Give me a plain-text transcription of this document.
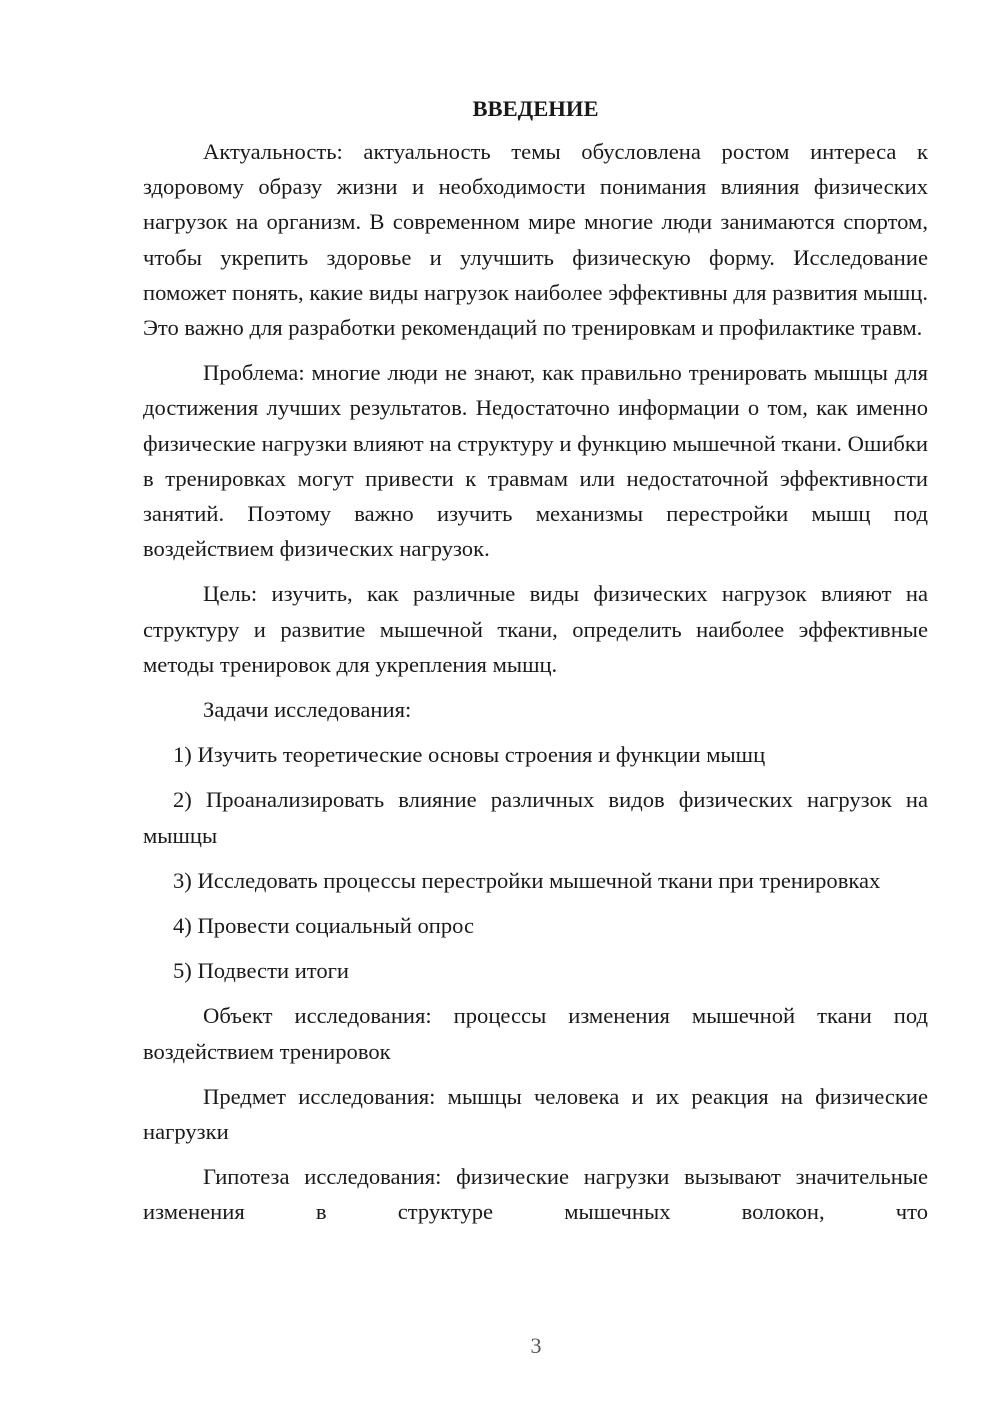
ВВЕДЕНИЕ

Актуальность: актуальность темы обусловлена ростом интереса к здоровому образу жизни и необходимости понимания влияния физических нагрузок на организм. В современном мире многие люди занимаются спортом, чтобы укрепить здоровье и улучшить физическую форму. Исследование поможет понять, какие виды нагрузок наиболее эффективны для развития мышц. Это важно для разработки рекомендаций по тренировкам и профилактике травм.

Проблема: многие люди не знают, как правильно тренировать мышцы для достижения лучших результатов. Недостаточно информации о том, как именно физические нагрузки влияют на структуру и функцию мышечной ткани. Ошибки в тренировках могут привести к травмам или недостаточной эффективности занятий. Поэтому важно изучить механизмы перестройки мышц под воздействием физических нагрузок.

Цель: изучить, как различные виды физических нагрузок влияют на структуру и развитие мышечной ткани, определить наиболее эффективные методы тренировок для укрепления мышц.

Задачи исследования:

1) Изучить теоретические основы строения и функции мышц

2) Проанализировать влияние различных видов физических нагрузок на мышцы

3) Исследовать процессы перестройки мышечной ткани при тренировках

4) Провести социальный опрос

5) Подвести итоги

Объект исследования: процессы изменения мышечной ткани под воздействием тренировок

Предмет исследования: мышцы человека и их реакция на физические нагрузки

Гипотеза исследования: физические нагрузки вызывают значительные изменения в структуре мышечных волокон, что

3
